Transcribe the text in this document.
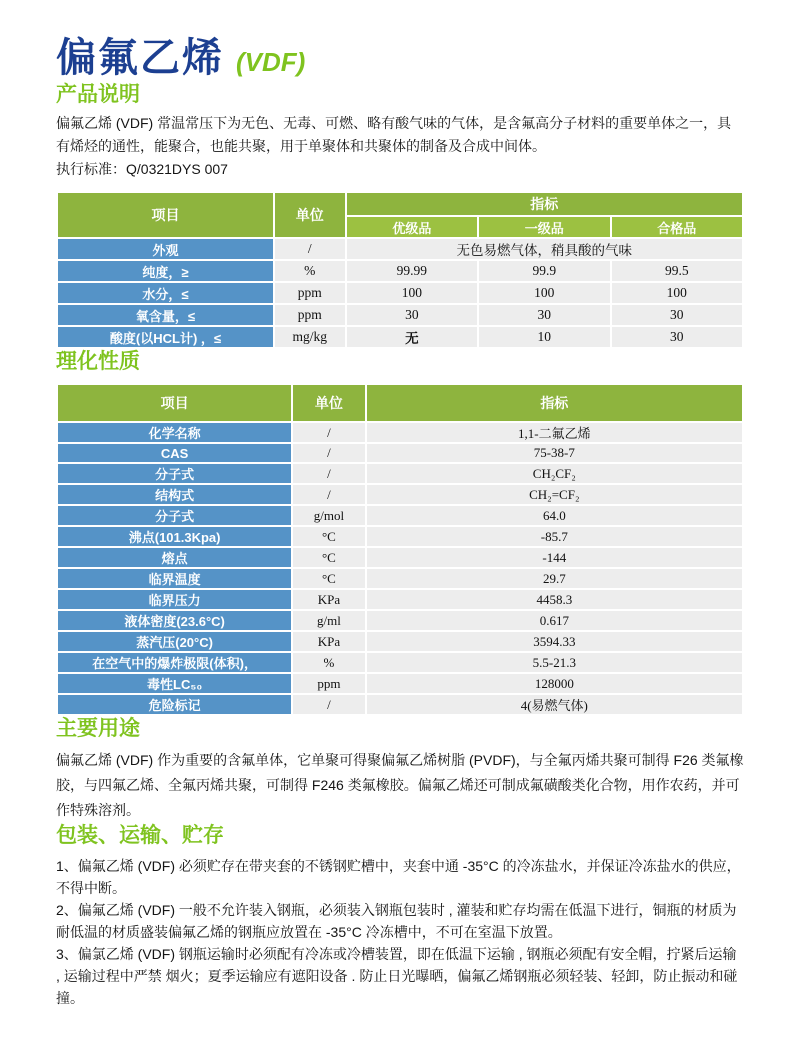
偏氟乙烯 (VDF)
产品说明

偏氟乙烯 (VDF) 常温常压下为无色、无毒、可燃、略有酸气味的气体，是含氟高分子材料的重要单体之一，具有烯烃的通性，能聚合，也能共聚，用于单聚体和共聚体的制备及合成中间体。

执行标准：Q/0321DYS 007

项目	单位	指标		
		优级品	一级品	合格品
外观	/	无色易燃气体，稍具酸的气味		
纯度，≥	%	99.99	99.9	99.5
水分，≤	ppm	100	100	100
氧含量，≤	ppm	30	30	30
酸度(以HCL计) ，≤	mg/kg	无	10	30
理化性质
项目	单位	指标
化学名称	/	1,1-二氟乙烯
CAS	/	75-38-7
分子式	/	CH₂CF₂
结构式	/	CH₂=CF₂
分子式	g/mol	64.0
沸点(101.3Kpa)	°C	-85.7
熔点	°C	-144
临界温度	°C	29.7
临界压力	KPa	4458.3
液体密度(23.6°C)	g/ml	0.617
蒸汽压(20°C)	KPa	3594.33
在空气中的爆炸极限(体积)，	%	5.5-21.3
毒性LC₅₀	ppm	128000
危险标记	/	4(易燃气体)
主要用途

偏氟乙烯 (VDF) 作为重要的含氟单体，它单聚可得聚偏氟乙烯树脂 (PVDF)，与全氟丙烯共聚可制得 F26 类氟橡胶，与四氟乙烯、全氟丙烯共聚，可制得 F246 类氟橡胶。偏氟乙烯还可制成氟磺酸类化合物，用作农药，并可作特殊溶剂。

包装、运输、贮存

1、偏氟乙烯 (VDF) 必须贮存在带夹套的不锈钢贮槽中，夹套中通 -35°C 的冷冻盐水，并保证冷冻盐水的供应，不得中断。

2、偏氟乙烯 (VDF) 一般不允许装入钢瓶，必须装入钢瓶包装时 , 灌装和贮存均需在低温下进行，铜瓶的材质为耐低温的材质盛装偏氟乙烯的钢瓶应放置在 -35°C 冷冻槽中，不可在室温下放置。

3、偏氯乙烯 (VDF) 钢瓶运输时必须配有冷冻或冷槽装置，即在低温下运输 , 钢瓶必须配有安全帽，拧紧后运输 , 运输过程中严禁 烟火；夏季运输应有遮阳设备 . 防止日光曝晒，偏氟乙烯钢瓶必须轻装、轻卸，防止振动和碰撞。
